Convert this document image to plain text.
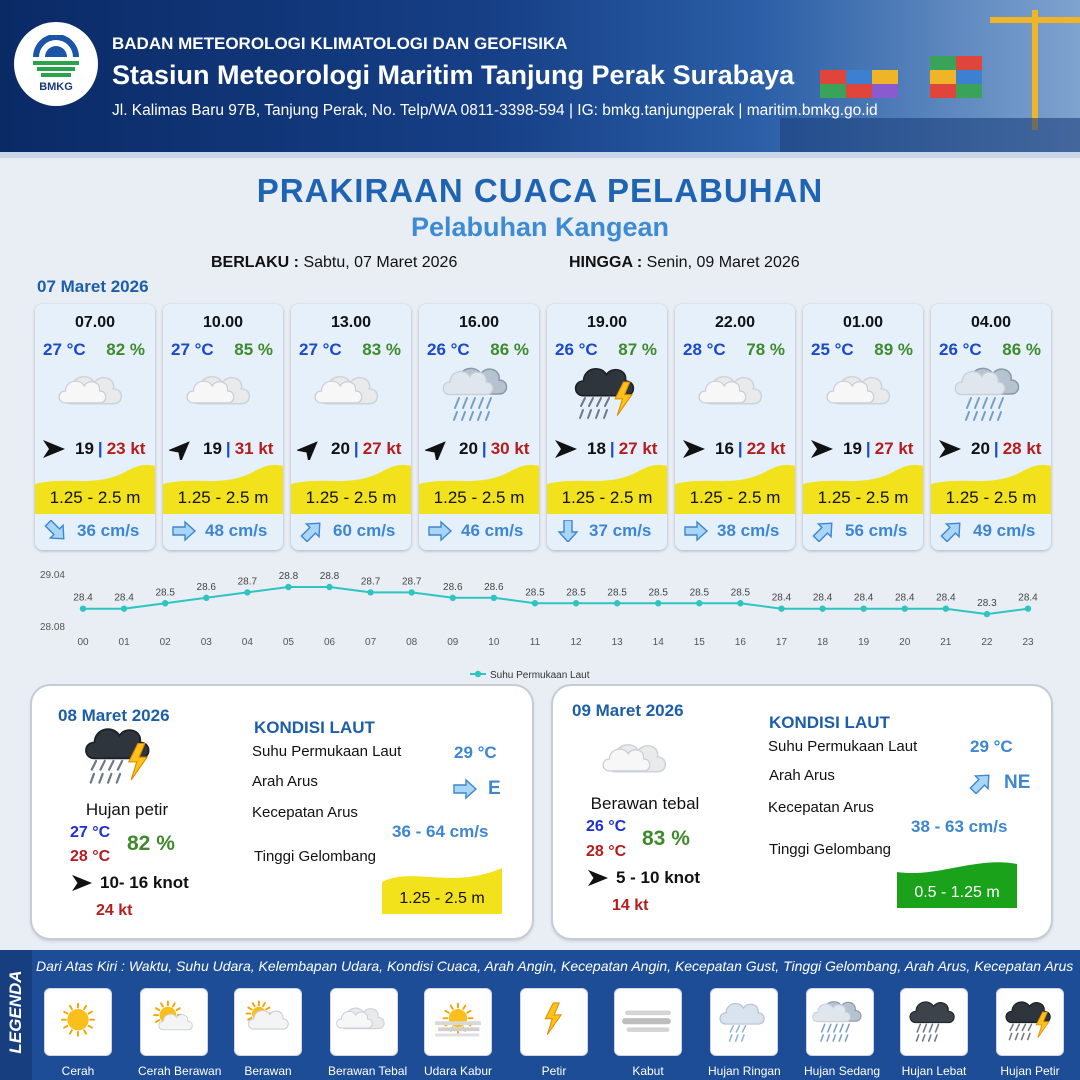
BMKG
BADAN METEOROLOGI KLIMATOLOGI DAN GEOFISIKA
Stasiun Meteorologi Maritim Tanjung Perak Surabaya
Jl. Kalimas Baru 97B, Tanjung Perak, No. Telp/WA 0811-3398-594 | IG: bmkg.tanjungperak | maritim.bmkg.go.id
PRAKIRAAN CUACA PELABUHAN
Pelabuhan Kangean
BERLAKU : Sabtu, 07 Maret 2026	HINGGA : Senin, 09 Maret 2026
07 Maret 2026
07.00
27 °C 82 %
19 | 23 kt
1.25 - 2.5 m
36 cm/s
10.00
27 °C 85 %
19 | 31 kt
1.25 - 2.5 m
48 cm/s
13.00
27 °C 83 %
20 | 27 kt
1.25 - 2.5 m
60 cm/s
16.00
26 °C 86 %
20 | 30 kt
1.25 - 2.5 m
46 cm/s
19.00
26 °C 87 %
18 | 27 kt
1.25 - 2.5 m
37 cm/s
22.00
28 °C 78 %
16 | 22 kt
1.25 - 2.5 m
38 cm/s
01.00
25 °C 89 %
19 | 27 kt
1.25 - 2.5 m
56 cm/s
04.00
26 °C 86 %
20 | 28 kt
1.25 - 2.5 m
49 cm/s
29.04
28.08
28.4
00
28.4
01
28.5
02
28.6
03
28.7
04
28.8
05
28.8
06
28.7
07
28.7
08
28.6
09
28.6
10
28.5
11
28.5
12
28.5
13
28.5
14
28.5
15
28.5
16
28.4
17
28.4
18
28.4
19
28.4
20
28.4
21
28.3
22
28.4
23
Suhu Permukaan Laut
08 Maret 2026
Hujan petir
27 °C
28 °C
82 %
10- 16 knot
24 kt
KONDISI LAUT
Suhu Permukaan Laut	29 °C
Arah Arus	E
Kecepatan Arus
36 - 64 cm/s
Tinggi Gelombang
1.25 - 2.5 m
09 Maret 2026
Berawan tebal
26 °C
28 °C
83 %
5 - 10 knot
14 kt
KONDISI LAUT
Suhu Permukaan Laut	29 °C
Arah Arus	NE
Kecepatan Arus
38 - 63 cm/s
Tinggi Gelombang
0.5 - 1.25 m
LEGENDA
Dari Atas Kiri : Waktu, Suhu Udara, Kelembapan Udara, Kondisi Cuaca, Arah Angin, Kecepatan Angin, Kecepatan Gust, Tinggi Gelombang, Arah Arus, Kecepatan Arus
Cerah	Cerah Berawan	Berawan	Berawan Tebal Udara Kabur	Petir	Kabut	Hujan Ringan Hujan Sedang	Hujan Lebat	Hujan Petir
